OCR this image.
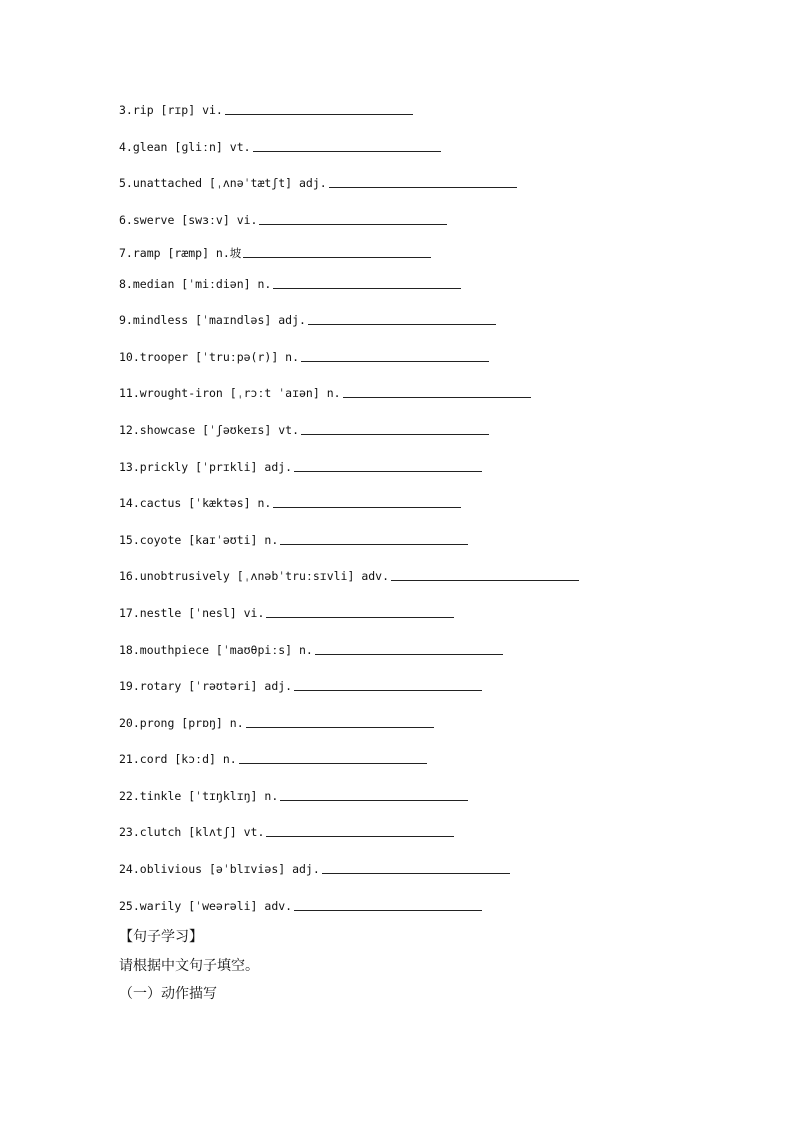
3.rip [rɪp] vi.
4.glean [ɡliːn] vt.
5.unattached [ˌʌnəˈtætʃt] adj.
6.swerve [swɜːv] vi.
7.ramp [ræmp] n.坡
8.median [ˈmiːdiən] n.
9.mindless [ˈmaɪndləs] adj.
10.trooper [ˈtruːpə(r)] n.
11.wrought-iron [ˌrɔːt ˈaɪən] n.
12.showcase [ˈʃəʊkeɪs] vt.
13.prickly [ˈprɪkli] adj.
14.cactus [ˈkæktəs] n.
15.coyote [kaɪˈəʊti] n.
16.unobtrusively [ˌʌnəbˈtruːsɪvli] adv.
17.nestle [ˈnesl] vi.
18.mouthpiece [ˈmaʊθpiːs] n.
19.rotary [ˈrəʊtəri] adj.
20.prong [prɒŋ] n.
21.cord [kɔːd] n.
22.tinkle [ˈtɪŋklɪŋ] n.
23.clutch [klʌtʃ] vt.
24.oblivious [əˈblɪviəs] adj.
25.warily [ˈweərəli] adv.
【句子学习】
请根据中文句子填空。
（一）动作描写
